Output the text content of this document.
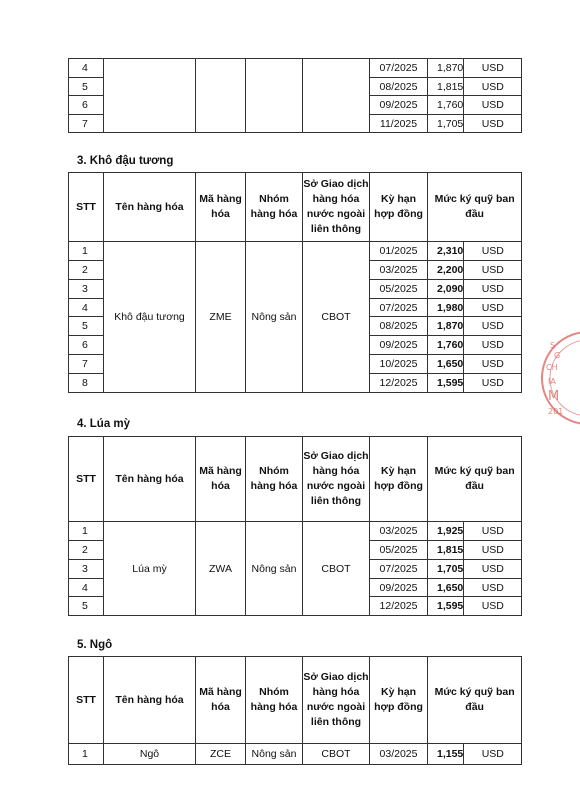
4					07/2025	1,870	USD
5					08/2025	1,815	USD
6					09/2025	1,760	USD
7					11/2025	1,705	USD
3. Khô đậu tương
STT	Tên hàng hóa	Mã hàng hóa	Nhóm hàng hóa	Sở Giao dịch hàng hóa nước ngoài liên thông	Kỳ hạn hợp đồng	Mức ký quỹ ban đầu	
1	Khô đậu tương	ZME	Nông sản	CBOT	01/2025	2,310	USD
2					03/2025	2,200	USD
3					05/2025	2,090	USD
4					07/2025	1,980	USD
5					08/2025	1,870	USD
6					09/2025	1,760	USD
7					10/2025	1,650	USD
8					12/2025	1,595	USD
4. Lúa mỳ
STT	Tên hàng hóa	Mã hàng hóa	Nhóm hàng hóa	Sở Giao dịch hàng hóa nước ngoài liên thông	Kỳ hạn hợp đồng	Mức ký quỹ ban đầu	
1	Lúa mỳ	ZWA	Nông sản	CBOT	03/2025	1,925	USD
2					05/2025	1,815	USD
3					07/2025	1,705	USD
4					09/2025	1,650	USD
5					12/2025	1,595	USD
5. Ngô
STT	Tên hàng hóa	Mã hàng hóa	Nhóm hàng hóa	Sở Giao dịch hàng hóa nước ngoài liên thông	Kỳ hạn hợp đồng	Mức ký quỹ ban đầu	
1	Ngô	ZCE	Nông sản	CBOT	03/2025	1,155	USD
S
G
CH
ỊA
M
201
